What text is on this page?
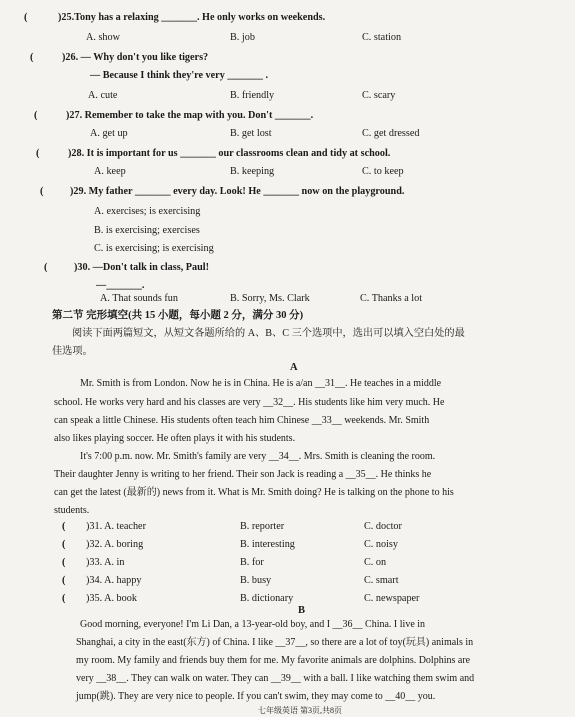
(	)25.Tony has a relaxing _______. He only works on weekends.
A. show	B. job	C. station
(	)26. — Why don't you like tigers?
— Because I think they're very _______ .
A. cute	B. friendly	C. scary
(	)27. Remember to take the map with you. Don't _______.
A. get up	B. get lost	C. get dressed
(	)28. It is important for us _______ our classrooms clean and tidy at school.
A. keep	B. keeping	C. to keep
(	)29. My father _______ every day. Look! He _______ now on the playground.
A. exercises; is exercising
B. is exercising; exercises
C. is exercising; is exercising
(	)30. —Don't talk in class, Paul!
—_______.
A. That sounds fun	B. Sorry, Ms. Clark	C. Thanks a lot
第二节 完形填空(共 15 小题，每小题 2 分，满分 30 分)
阅读下面两篇短文，从短文各题所给的 A、B、C 三个选项中，选出可以填入空白处的最
佳选项。
A
Mr. Smith is from London. Now he is in China. He is a/an __31__. He teaches in a middle
school. He works very hard and his classes are very __32__. His students like him very much. He
can speak a little Chinese. His students often teach him Chinese __33__ weekends. Mr. Smith
also likes playing soccer. He often plays it with his students.
It's 7:00 p.m. now. Mr. Smith's family are very __34__. Mrs. Smith is cleaning the room.
Their daughter Jenny is writing to her friend. Their son Jack is reading a __35__. He thinks he
can get the latest (最新的) news from it. What is Mr. Smith doing? He is talking on the phone to his
students.
( )31. A. teacher	B. reporter	C. doctor
( )32. A. boring	B. interesting	C. noisy
( )33. A. in	B. for	C. on
( )34. A. happy	B. busy	C. smart
( )35. A. book	B. dictionary	C. newspaper
B
Good morning, everyone! I'm Li Dan, a 13-year-old boy, and I __36__ China. I live in
Shanghai, a city in the east(东方) of China. I like __37__, so there are a lot of toy(玩具) animals in
my room. My family and friends buy them for me. My favorite animals are dolphins. Dolphins are
very __38__. They can walk on water. They can __39__ with a ball. I like watching them swim and
jump(跳). They are very nice to people. If you can't swim, they may come to __40__ you.
七年级英语 第3页,共8页
